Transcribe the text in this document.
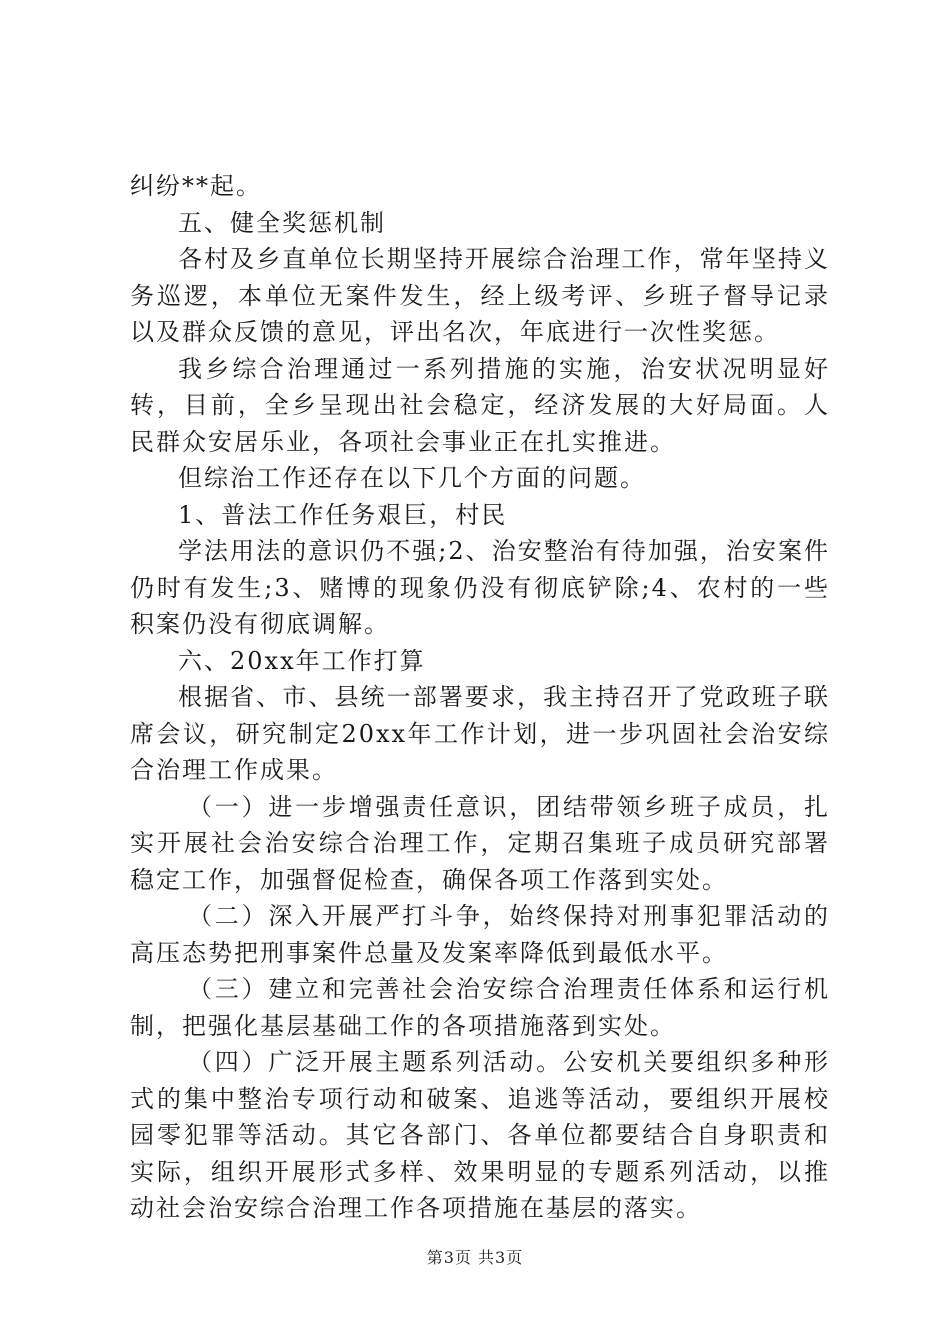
纠纷**起。

五、健全奖惩机制

各村及乡直单位长期坚持开展综合治理工作，常年坚持义务巡逻，本单位无案件发生，经上级考评、乡班子督导记录以及群众反馈的意见，评出名次，年底进行一次性奖惩。

我乡综合治理通过一系列措施的实施，治安状况明显好转，目前，全乡呈现出社会稳定，经济发展的大好局面。人民群众安居乐业，各项社会事业正在扎实推进。

但综治工作还存在以下几个方面的问题。

1、普法工作任务艰巨，村民

学法用法的意识仍不强;2、治安整治有待加强，治安案件仍时有发生;3、赌博的现象仍没有彻底铲除;4、农村的一些积案仍没有彻底调解。

六、20xx年工作打算

根据省、市、县统一部署要求，我主持召开了党政班子联席会议，研究制定20xx年工作计划，进一步巩固社会治安综合治理工作成果。

（一）进一步增强责任意识，团结带领乡班子成员，扎实开展社会治安综合治理工作，定期召集班子成员研究部署稳定工作，加强督促检查，确保各项工作落到实处。

（二）深入开展严打斗争，始终保持对刑事犯罪活动的高压态势把刑事案件总量及发案率降低到最低水平。

（三）建立和完善社会治安综合治理责任体系和运行机制，把强化基层基础工作的各项措施落到实处。

（四）广泛开展主题系列活动。公安机关要组织多种形式的集中整治专项行动和破案、追逃等活动，要组织开展校园零犯罪等活动。其它各部门、各单位都要结合自身职责和实际，组织开展形式多样、效果明显的专题系列活动，以推动社会治安综合治理工作各项措施在基层的落实。

第3页 共3页
